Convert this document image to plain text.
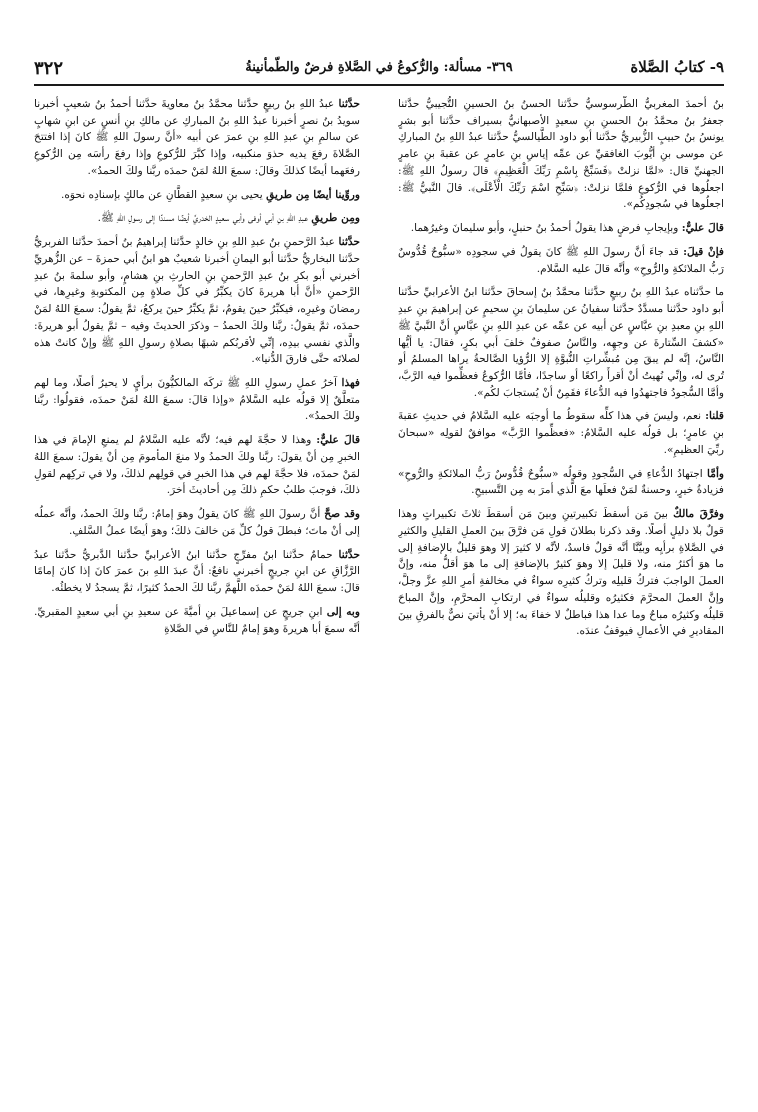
٩- كتابُ الصَّلاة
٣٦٩- مسألة: والرُّكوعُ في الصَّلاةِ فرضٌ والطّمأنينةُ
٣٢٢

بنُ أحمدَ المغربيُّ الطَّرسوسيُّ حدَّثنا الحسنُ بنُ الحسينِ التُّجيبيُّ حدَّثنا جعفرُ بنُ محمَّدُ بنُ الحسنِ بنِ سعيدٍ الأصبهانيُّ بسيراف حدَّثنا أبو بشرٍ يونسُ بنُ حبيبٍ الزُّبيريُّ حدَّثنا أبو داود الطَّيالسيُّ حدَّثنا عبدُ اللهِ بنُ المباركِ عن موسى بنِ أيُّوبَ الغافقيِّ عن عمِّه إياسِ بنِ عامرٍ عن عقبةَ بنِ عامرٍ الجهنيِّ قال: «لمَّا نزلتْ ﴿فَسَبِّحْ بِاسْمِ رَبِّكَ الْعَظِيمِ﴾ قالَ رسولُ اللهِ ﷺ: اجعلُوها في الرُّكوعِ فلمَّا نزلتْ: ﴿سَبِّحِ اسْمَ رَبِّكَ الْأَعْلَى﴾. قالَ النَّبيُّ ﷺ: اجعلُوها في سُجودِكُم».

قالَ عليٌّ: وبإيجابِ فرضٍ هذا يقولُ أحمدُ بنُ حنبلٍ، وأبو سليمانَ وغيرُهما.

فإنْ قيلَ: قد جاءَ أنَّ رسولَ اللهِ ﷺ كانَ يقولُ في سجودِه «سبُّوحٌ قُدُّوسٌ رَبُّ الملائكةِ والرُّوحِ» وأنَّه قالَ عليه السَّلام.

ما حدَّثناه عبدُ اللهِ بنُ ربيعٍ حدَّثنا محمَّدُ بنُ إسحاقَ حدَّثنا ابنُ الأعرابيِّ حدَّثنا أبو داود حدَّثنا مسدَّدٌ حدَّثنا سفيانُ عن سليمانَ بنِ سحيمٍ عن إبراهيمَ بنِ عبدِ اللهِ بنِ معبدِ بنِ عبَّاسٍ عن أبيه عن عمِّه عن عبدِ اللهِ بنِ عبَّاسٍ أنَّ النَّبيَّ ﷺ «كشفَ السِّتارةَ عن وجهِه، والنَّاسُ صفوفٌ خلفَ أبي بكرٍ، فقالَ: يا أيُّها النَّاسُ، إنَّه لم يبقَ مِن مُبشِّراتِ النُّبوَّةِ إلا الرُّؤيا الصَّالحةُ يراها المسلمُ أو تُرى له، وإنِّي نُهيتُ أنْ أقرأَ راكعًا أو ساجدًا، فأمَّا الرُّكوعُ فعظِّموا فيه الرَّبَّ، وأمَّا السُّجودُ فاجتهدُوا فيه الدُّعاءَ فقَمِنٌ أنْ يُستجابَ لكُم».

قلنا: نعم، وليسَ في هذا كلِّه سقوطُ ما أوجبَه عليه السَّلامُ في حديثِ عقبةَ بنِ عامرٍ؛ بل قولُه عليه السَّلامُ: «فعظِّموا الرَّبَّ» موافقٌ لقولِه «سبحانَ ربِّيَ العظيمِ».

وأمَّا اجتهادُ الدُّعاءِ في السُّجودِ وقولُه «سبُّوحٌ قُدُّوسٌ رَبُّ الملائكةِ والرُّوحِ» فزيادةُ خيرٍ، وحسنةٌ لمَنْ فعلَها معَ الَّذي أمرَ به مِن التَّسبيحِ.

وفرَّقَ مالكٌ بينَ مَن أسقطَ تكبيرتينِ وبينَ مَن أسقطَ ثلاثَ تكبيراتٍ وهذا قولٌ بلا دليلٍ أصلًا. وقد ذكرنا بطلانَ قولِ مَن فرَّقَ بينَ العملِ القليلِ والكثيرِ في الصَّلاةِ برأيِه وبيَّنَّا أنَّه قولٌ فاسدٌ، لأنَّه لا كثيرَ إلا وهوَ قليلٌ بالإضافةِ إلى ما هوَ أكثرُ منه، ولا قليلَ إلا وهوَ كثيرٌ بالإضافةِ إلى ما هوَ أقلُّ منه، وإنَّ العملَ الواجبَ فتركُ قليلِه وتركُ كثيرِه سواءٌ في مخالفةِ أمرِ اللهِ عزَّ وجلَّ، وإنَّ العملَ المحرَّمَ فكثيرُه وقليلُه سواءٌ في ارتكابِ المحرَّمِ، وإنَّ المباحَ قليلُه وكثيرُه مباحٌ وما عدا هذا فباطلٌ لا خفاءَ به؛ إلا أنْ يأتيَ نصٌّ بالفرقِ بينَ المقاديرِ في الأعمالِ فيوقفُ عندَه.

حدَّثنا عبدُ اللهِ بنُ ربيعٍ حدَّثنا محمَّدُ بنُ معاويةَ حدَّثنا أحمدُ بنُ شعيبٍ أخبرنا سويدُ بنُ نصرٍ أخبرنا عبدُ اللهِ بنُ المباركِ عن مالكِ بنِ أنسٍ عن ابنِ شهابٍ عن سالمِ بنِ عبدِ اللهِ بنِ عمرَ عن أبيه «أنَّ رسولَ اللهِ ﷺ كانَ إذا افتتحَ الصَّلاةَ رفعَ يديه حذوَ منكبيه، وإذا كبَّرَ للرُّكوعِ وإذا رفعَ رأسَه مِن الرُّكوعِ رفعَهما أيضًا كذلكَ وقالَ: سمعَ اللهُ لمَنْ حمدَه ربَّنا ولكَ الحمدُ».

وروِّينا أيضًا مِن طريقِ يحيى بنِ سعيدٍ القطَّانِ عن مالكٍ بإسنادِه نحوَه.

ومِن طريقِ عبدِ اللهِ بنِ أبي أوفى وأبي سعيدٍ الخدريِّ أيضًا مسندًا إلى رسولِ اللهِ ﷺ.

حدَّثنا عبدُ الرَّحمنِ بنُ عبدِ اللهِ بنِ خالدٍ حدَّثنا إبراهيمُ بنُ أحمدَ حدَّثنا الفربريُّ حدَّثنا البخاريُّ حدَّثنا أبو اليمانِ أخبرنا شعيبٌ هو ابنُ أبي حمزةَ – عن الزُّهريِّ أخبرني أبو بكرِ بنُ عبدِ الرَّحمنِ بنِ الحارثِ بنِ هشامٍ، وأبو سلمةَ بنُ عبدِ الرَّحمنِ «أنَّ أبا هريرةَ كانَ يكبِّرُ في كلِّ صلاةٍ مِن المكتوبةِ وغيرِها، في رمضانَ وغيرِه، فيكبِّرُ حينَ يقومُ، ثمَّ يكبِّرُ حينَ يركعُ، ثمَّ يقولُ: سمعَ اللهُ لمَنْ حمدَه، ثمَّ يقولُ: ربَّنا ولكَ الحمدُ – وذكرَ الحديثَ وفيه – ثمَّ يقولُ أبو هريرةَ: والَّذي نفسي بيدِه، إنِّي لأقربُكم شبهًا بصلاةِ رسولِ اللهِ ﷺ وإنْ كانتْ هذه لصلاتَه حتَّى فارقَ الدُّنيا».

فهذا آخرُ عملِ رسولِ اللهِ ﷺ تركَه المالكيُّونَ برأيٍ لا يحيرُ أصلًا، وما لهم متعلَّقٌ إلا قولُه عليه السَّلامُ «وإذا قالَ: سمعَ اللهُ لمَنْ حمدَه، فقولُوا: ربَّنا ولكَ الحمدُ».

قالَ عليٌّ: وهذا لا حجَّةَ لهم فيه؛ لأنَّه عليه السَّلامُ لم يمنعِ الإمامَ في هذا الخبرِ مِن أنْ يقولَ: ربَّنا ولكَ الحمدُ ولا منعَ المأمومَ مِن أنْ يقولَ: سمعَ اللهُ لمَنْ حمدَه، فلا حجَّةَ لهم في هذا الخبرِ في قولِهم لذلكَ، ولا في تركِهم لقولِ ذلكَ، فوجبَ طلبُ حكمِ ذلكَ مِن أحاديثَ أخرَ.

وقد صحَّ أنَّ رسولَ اللهِ ﷺ كانَ يقولُ وهوَ إمامٌ: ربَّنا ولكَ الحمدُ، وأنَّه عملُه إلى أنْ ماتَ؛ فبطلَ قولُ كلِّ مَن خالفَ ذلكَ؛ وهوَ أيضًا عملُ السَّلفِ.

حدَّثنا حمامٌ حدَّثنا ابنُ مفرِّجٍ حدَّثنا ابنُ الأعرابيِّ حدَّثنا الدَّبريُّ حدَّثنا عبدُ الرَّزَّاقِ عن ابنِ جريجٍ أخبرني نافعٌ: أنَّ عبدَ اللهِ بنَ عمرَ كانَ إذا كانَ إمامًا قالَ: سمعَ اللهُ لمَنْ حمدَه اللَّهمَّ ربَّنا لكَ الحمدُ كثيرًا، ثمَّ يسجدُ لا يخطئُه.

وبه إلى ابنِ جريجٍ عن إسماعيلَ بنِ أميَّةَ عن سعيدِ بنِ أبي سعيدٍ المقبريِّ. أنَّه سمعَ أبا هريرةَ وهوَ إمامٌ للنَّاسِ في الصَّلاةِ
